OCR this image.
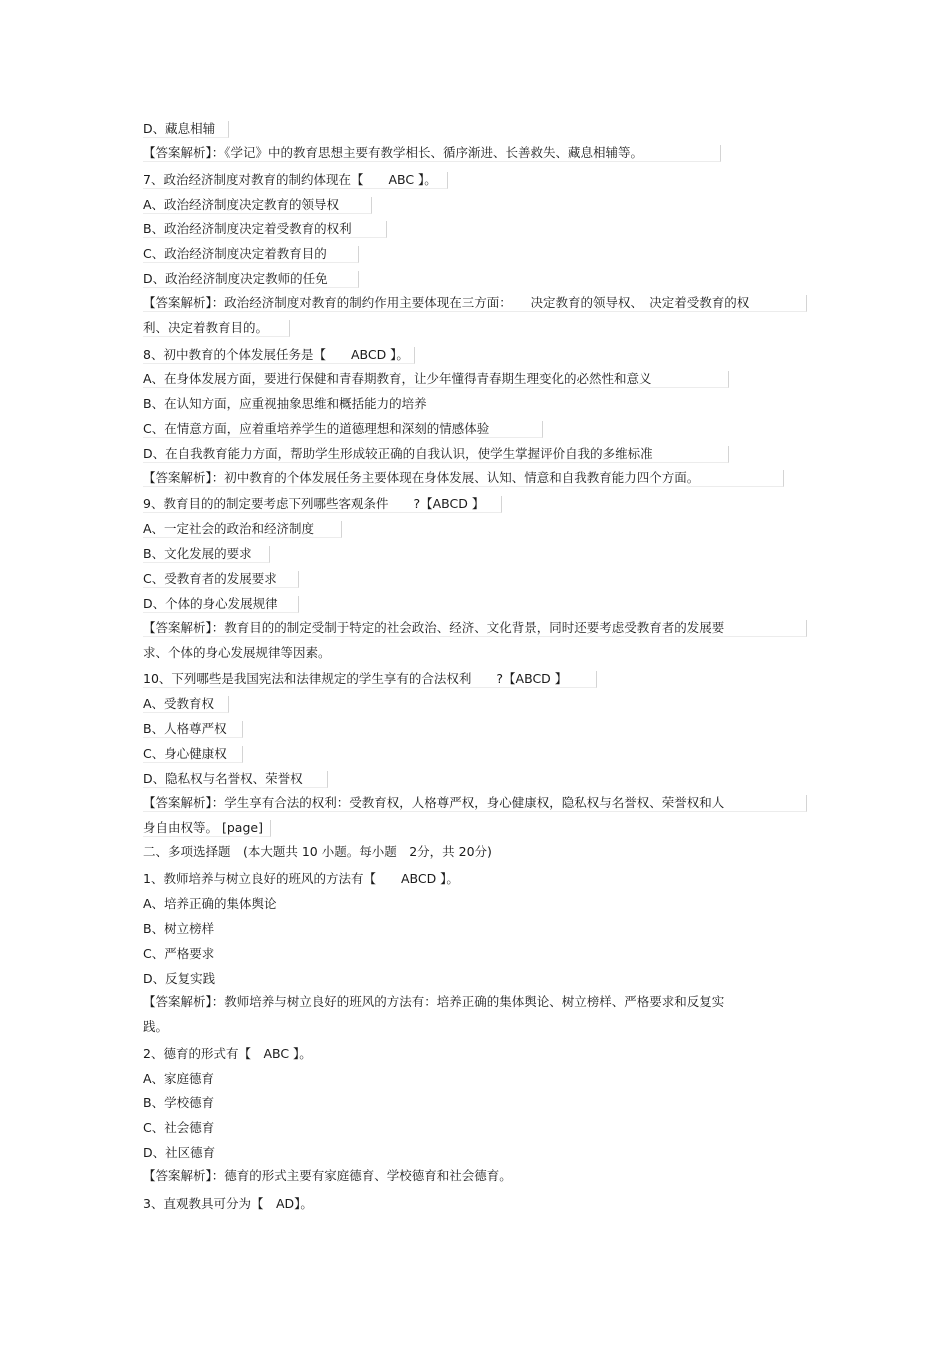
D、藏息相辅
【答案解析】：《学记》中的教育思想主要有教学相长、循序渐进、长善救失、藏息相辅等。
7、政治经济制度对教育的制约体现在【　　ABC 】。
A、政治经济制度决定教育的领导权
B、政治经济制度决定着受教育的权利
C、政治经济制度决定着教育目的
D、政治经济制度决定教师的任免
【答案解析】：政治经济制度对教育的制约作用主要体现在三方面：　　决定教育的领导权、　决定着受教育的权
利、决定着教育目的。
8、初中教育的个体发展任务是【　　ABCD 】。
A、在身体发展方面，要进行保健和青春期教育，让少年懂得青春期生理变化的必然性和意义
B、在认知方面，应重视抽象思维和概括能力的培养
C、在情意方面，应着重培养学生的道德理想和深刻的情感体验
D、在自我教育能力方面，帮助学生形成较正确的自我认识，使学生掌握评价自我的多维标准
【答案解析】：初中教育的个体发展任务主要体现在身体发展、认知、情意和自我教育能力四个方面。
9、教育目的的制定要考虑下列哪些客观条件　　?【ABCD 】
A、一定社会的政治和经济制度
B、文化发展的要求
C、受教育者的发展要求
D、个体的身心发展规律
【答案解析】：教育目的的制定受制于特定的社会政治、经济、文化背景，同时还要考虑受教育者的发展要
求、个体的身心发展规律等因素。
10、下列哪些是我国宪法和法律规定的学生享有的合法权利　　?【ABCD 】
A、受教育权
B、人格尊严权
C、身心健康权
D、隐私权与名誉权、荣誉权
【答案解析】：学生享有合法的权利：受教育权，人格尊严权，身心健康权，隐私权与名誉权、荣誉权和人
身自由权等。 [page]
二、多项选择题　(本大题共 10 小题。每小题　2分，共 20分)
1、教师培养与树立良好的班风的方法有【　　ABCD 】。
A、培养正确的集体舆论
B、树立榜样
C、严格要求
D、反复实践
【答案解析】：教师培养与树立良好的班风的方法有：培养正确的集体舆论、树立榜样、严格要求和反复实
践。
2、德育的形式有【　ABC 】。
A、家庭德育
B、学校德育
C、社会德育
D、社区德育
【答案解析】：德育的形式主要有家庭德育、学校德育和社会德育。
3、直观教具可分为【　AD】。
